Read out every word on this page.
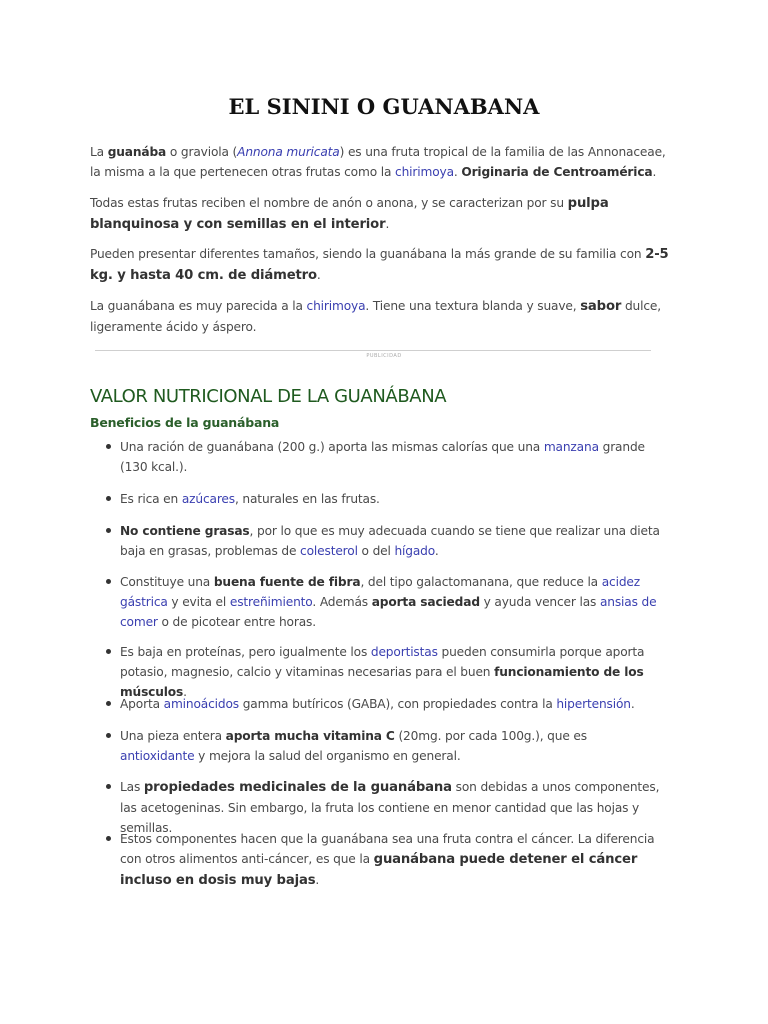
EL SININI O GUANABANA

La guanába o graviola (Annona muricata) es una fruta tropical de la familia de las Annonaceae, la misma a la que pertenecen otras frutas como la chirimoya. Originaria de Centroamérica.

Todas estas frutas reciben el nombre de anón o anona, y se caracterizan por su pulpa blanquinosa y con semillas en el interior.

Pueden presentar diferentes tamaños, siendo la guanábana la más grande de su familia con 2-5 kg. y hasta 40 cm. de diámetro.

La guanábana es muy parecida a la chirimoya. Tiene una textura blanda y suave, sabor dulce, ligeramente ácido y áspero.

PUBLICIDAD
VALOR NUTRICIONAL DE LA GUANÁBANA
Beneficios de la guanábana
Una ración de guanábana (200 g.) aporta las mismas calorías que una manzana grande (130 kcal.).
Es rica en azúcares, naturales en las frutas.
No contiene grasas, por lo que es muy adecuada cuando se tiene que realizar una dieta baja en grasas, problemas de colesterol o del hígado.
Constituye una buena fuente de fibra, del tipo galactomanana, que reduce la acidez gástrica y evita el estreñimiento. Además aporta saciedad y ayuda vencer las ansias de comer o de picotear entre horas.
Es baja en proteínas, pero igualmente los deportistas pueden consumirla porque aporta potasio, magnesio, calcio y vitaminas necesarias para el buen funcionamiento de los músculos.
Aporta aminoácidos gamma butíricos (GABA), con propiedades contra la hipertensión.
Una pieza entera aporta mucha vitamina C (20mg. por cada 100g.), que es antioxidante y mejora la salud del organismo en general.
Las propiedades medicinales de la guanábana son debidas a unos componentes, las acetogeninas. Sin embargo, la fruta los contiene en menor cantidad que las hojas y semillas.
Estos componentes hacen que la guanábana sea una fruta contra el cáncer. La diferencia con otros alimentos anti-cáncer, es que la guanábana puede detener el cáncer incluso en dosis muy bajas.
